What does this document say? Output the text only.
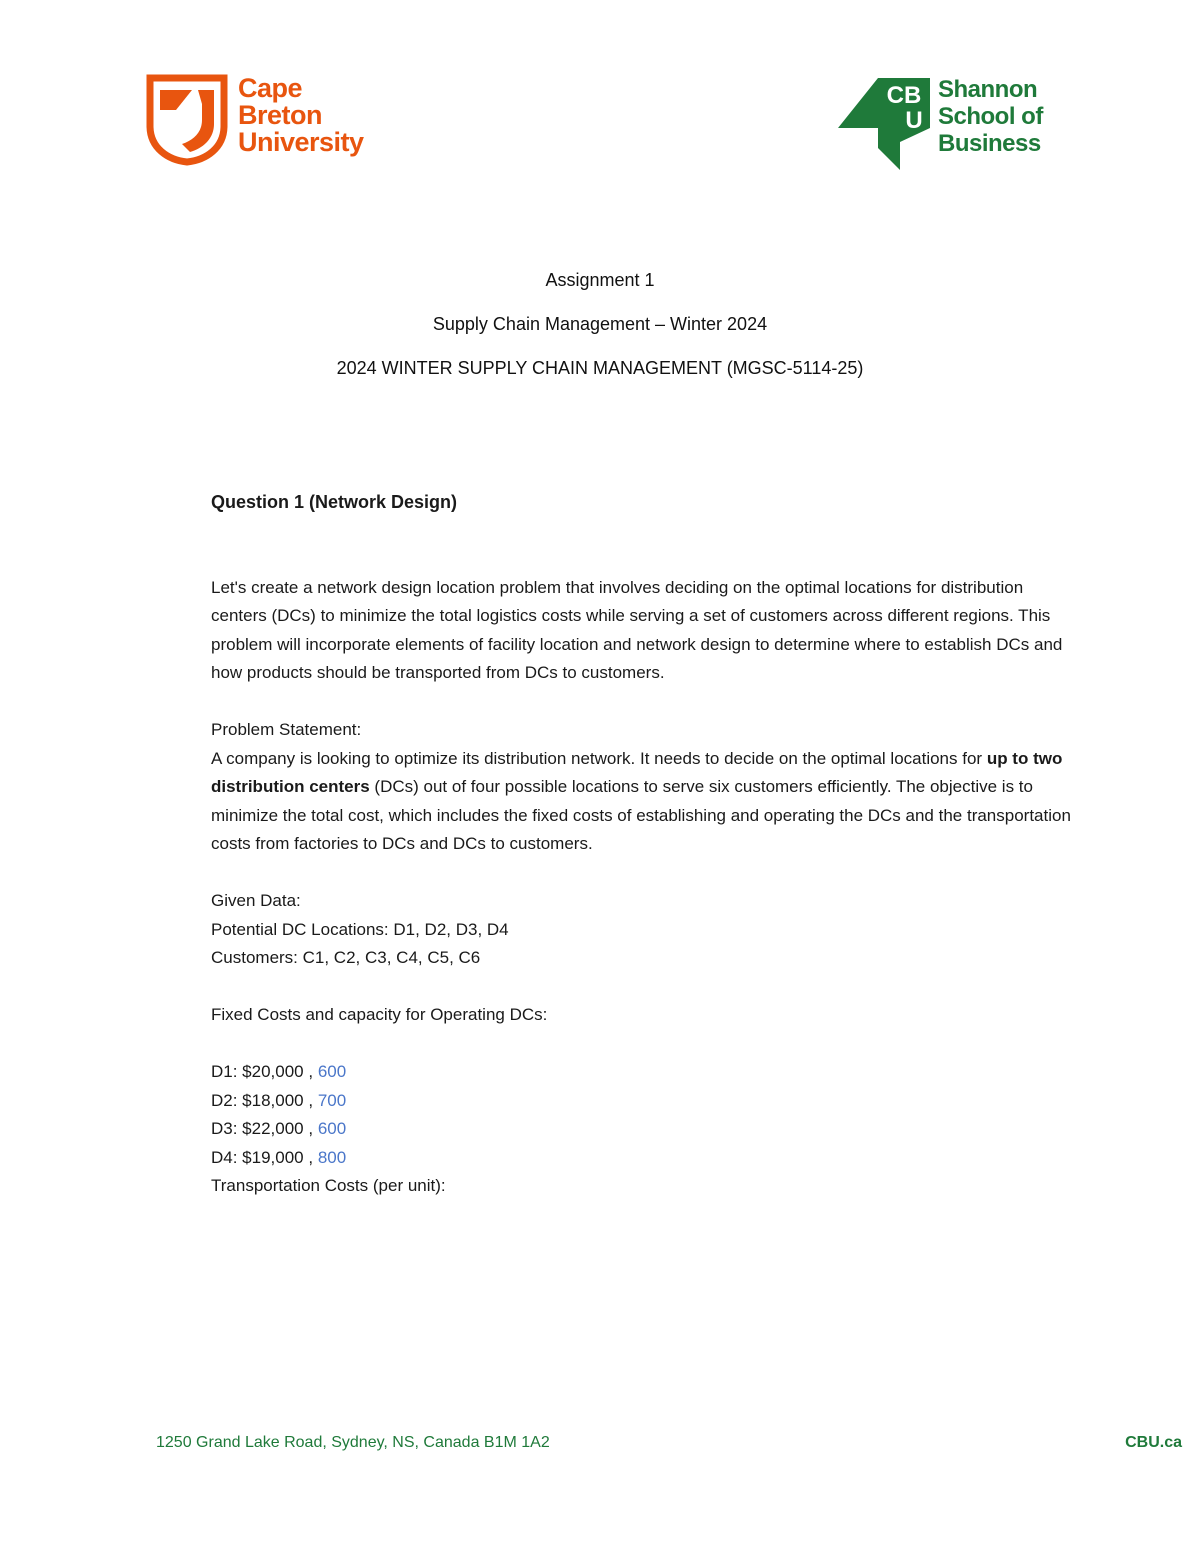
Cape
Breton
University
CB
U
Shannon
School of
Business
Assignment 1
Supply Chain Management – Winter 2024
2024 WINTER SUPPLY CHAIN MANAGEMENT (MGSC-5114-25)

Question 1 (Network Design)

Let's create a network design location problem that involves deciding on the optimal locations for distribution centers (DCs) to minimize the total logistics costs while serving a set of customers across different regions. This problem will incorporate elements of facility location and network design to determine where to establish DCs and how products should be transported from DCs to customers.

Problem Statement:

A company is looking to optimize its distribution network. It needs to decide on the optimal locations for up to two distribution centers (DCs) out of four possible locations to serve six customers efficiently. The objective is to minimize the total cost, which includes the fixed costs of establishing and operating the DCs and the transportation costs from factories to DCs and DCs to customers.

Given Data:

Potential DC Locations: D1, D2, D3, D4

Customers: C1, C2, C3, C4, C5, C6

Fixed Costs and capacity for Operating DCs:

D1: $20,000 , 600

D2: $18,000 , 700

D3: $22,000 , 600

D4: $19,000 , 800

Transportation Costs (per unit):

1250 Grand Lake Road, Sydney, NS, Canada B1M 1A2	CBU.ca
